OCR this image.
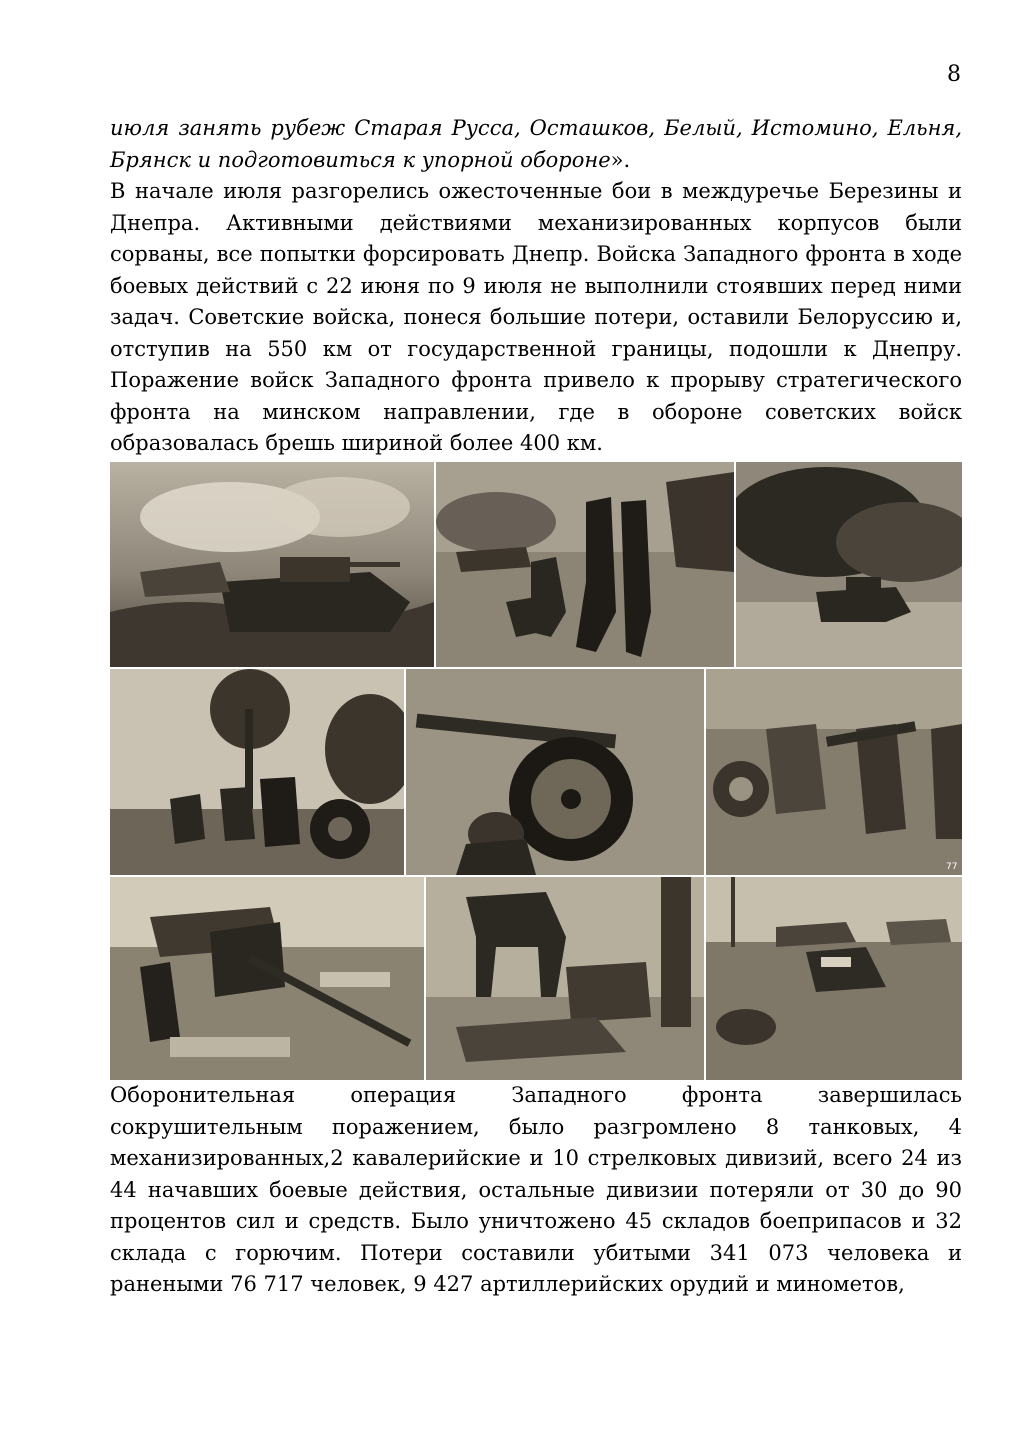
8

июля занять рубеж Старая Русса, Осташков, Белый, Истомино, Ельня, Брянск и подготовиться к упорной обороне».

В начале июля разгорелись ожесточенные бои в междуречье Березины и Днепра. Активными действиями механизированных корпусов были сорваны, все попытки форсировать Днепр. Войска Западного фронта в ходе боевых действий с 22 июня по 9 июля не выполнили стоявших перед ними задач. Советские войска, понеся большие потери, оставили Белоруссию и, отступив на 550 км от государственной границы, подошли к Днепру. Поражение войск Западного фронта привело к прорыву стратегического фронта на минском направлении, где в обороне советских войск образовалась брешь шириной более 400 км.

77

Оборонительная операция Западного фронта завершилась сокрушительным поражением, было разгромлено 8 танковых, 4 механизированных,2 кавалерийские и 10 стрелковых дивизий, всего 24 из 44 начавших боевые действия, остальные дивизии потеряли от 30 до 90 процентов сил и средств. Было уничтожено 45 складов боеприпасов и 32 склада с горючим. Потери составили убитыми 341 073 человека и ранеными 76 717 человек, 9 427 артиллерийских орудий и минометов,
